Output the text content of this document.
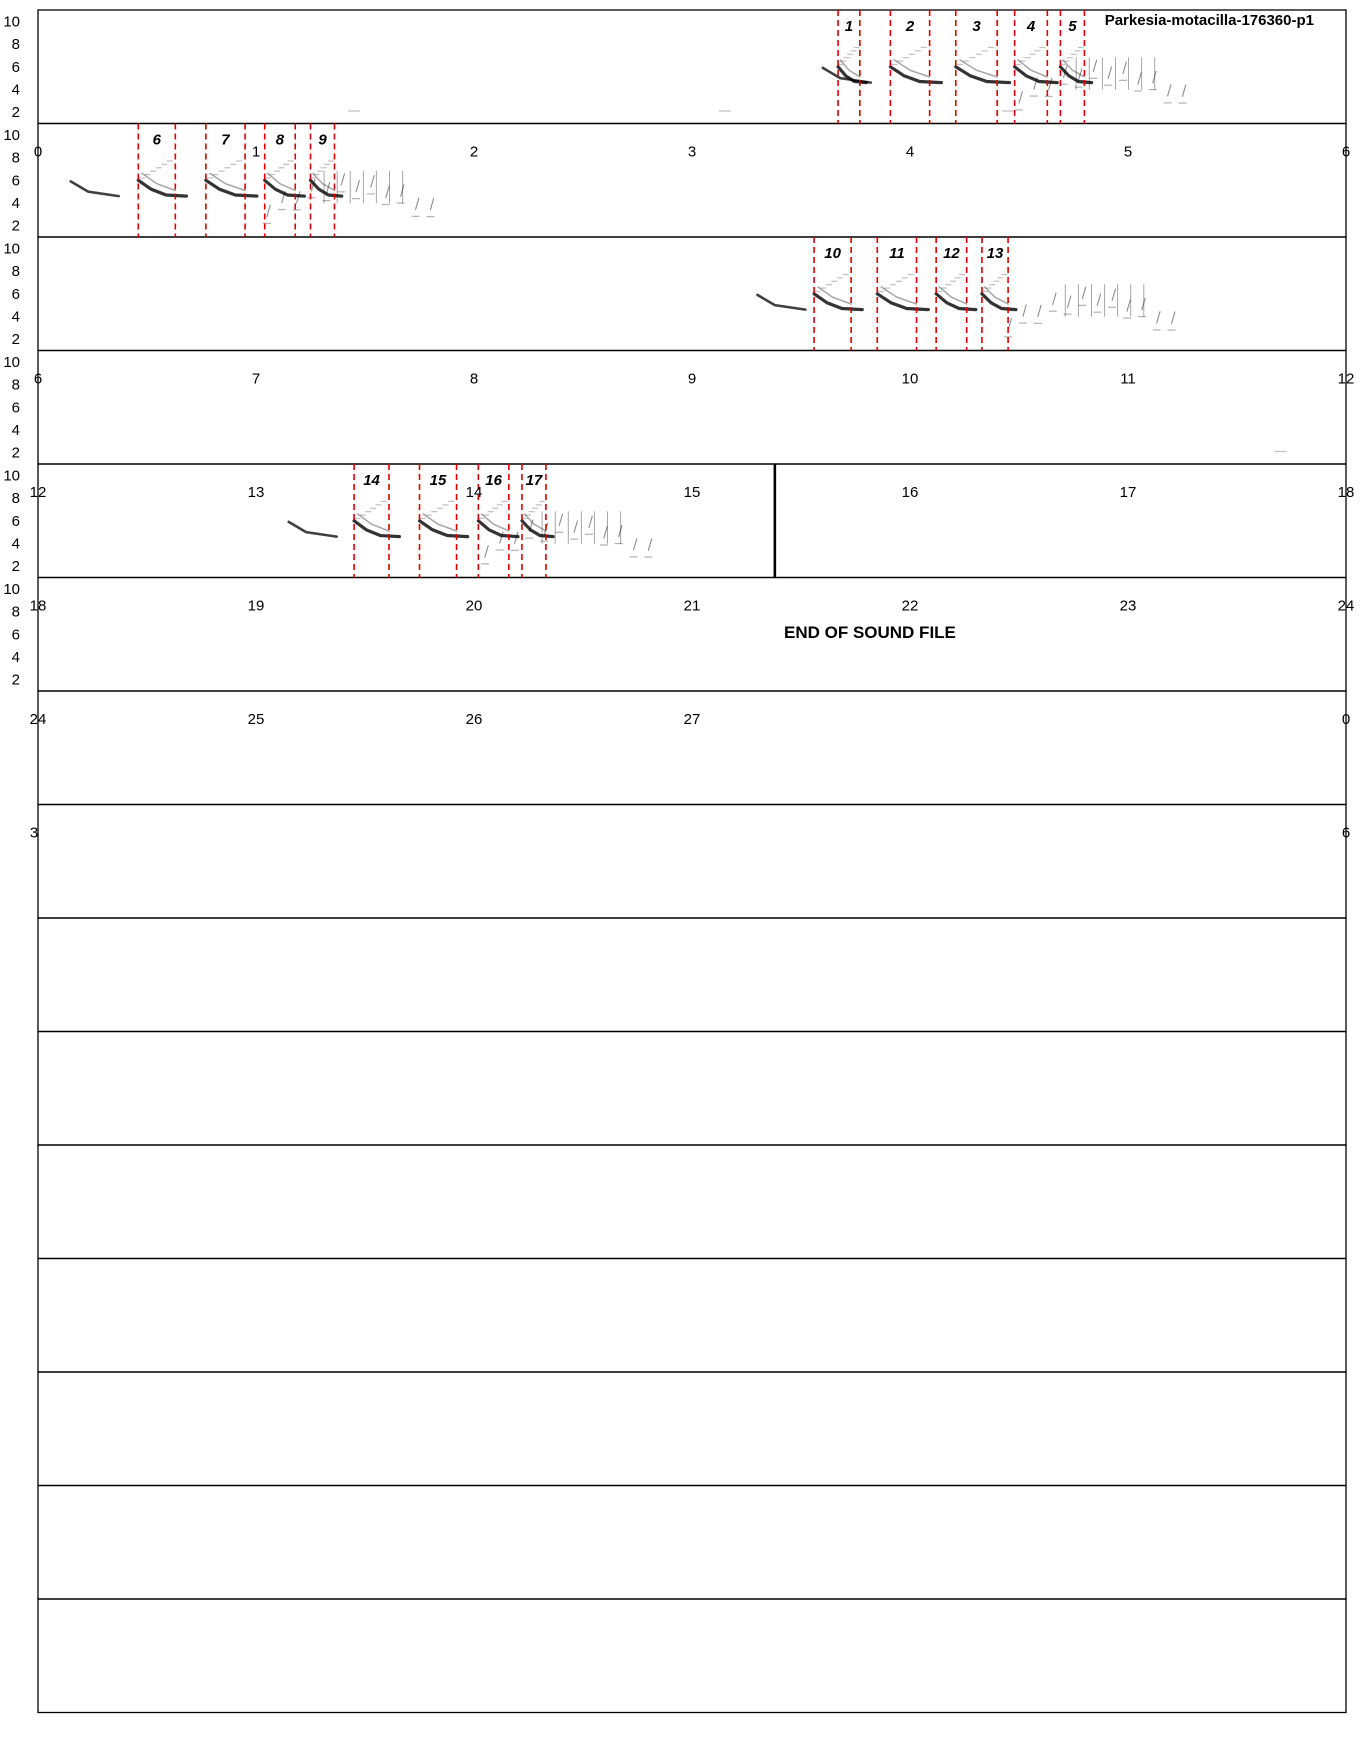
1	2	3	4 5
6	7	8 9
10	11	12 13
14	15	16 17
2
4
6
8
10
2
4
6
8
10
2
4
6
8
10
2
4
6
8
10
2
4
6
8
10
2
4
6
8
10
0	1	2	3	4	5	6
6	7	8	9	10	11	12
12	13	14	15	16	17	18
18	19	20	21	22	23	24
24	25	26	27	0
3	6
Parkesia-motacilla-176360-p1
END OF SOUND FILE
